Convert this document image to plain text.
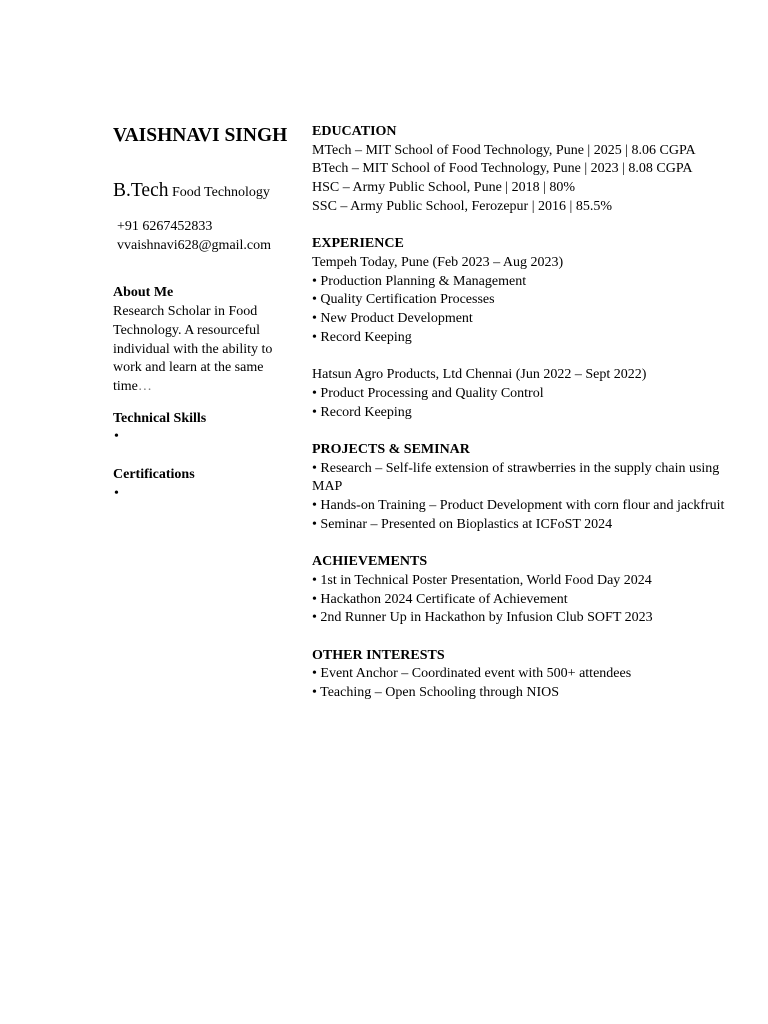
VAISHNAVI SINGH
B.Tech Food Technology
+91 6267452833
vvaishnavi628@gmail.com
About Me
Research Scholar in Food Technology. A resourceful individual with the ability to work and learn at the same time…
Technical Skills
•
Certifications
•
EDUCATION
MTech – MIT School of Food Technology, Pune | 2025 | 8.06 CGPA
BTech – MIT School of Food Technology, Pune | 2023 | 8.08 CGPA
HSC – Army Public School, Pune | 2018 | 80%
SSC – Army Public School, Ferozepur | 2016 | 85.5%
EXPERIENCE
Tempeh Today, Pune (Feb 2023 – Aug 2023)
• Production Planning & Management
• Quality Certification Processes
• New Product Development
• Record Keeping
Hatsun Agro Products, Ltd Chennai (Jun 2022 – Sept 2022)
• Product Processing and Quality Control
• Record Keeping
PROJECTS & SEMINAR
• Research – Self-life extension of strawberries in the supply chain using MAP
• Hands-on Training – Product Development with corn flour and jackfruit
• Seminar – Presented on Bioplastics at ICFoST 2024
ACHIEVEMENTS
• 1st in Technical Poster Presentation, World Food Day 2024
• Hackathon 2024 Certificate of Achievement
• 2nd Runner Up in Hackathon by Infusion Club SOFT 2023
OTHER INTERESTS
• Event Anchor – Coordinated event with 500+ attendees
• Teaching – Open Schooling through NIOS
